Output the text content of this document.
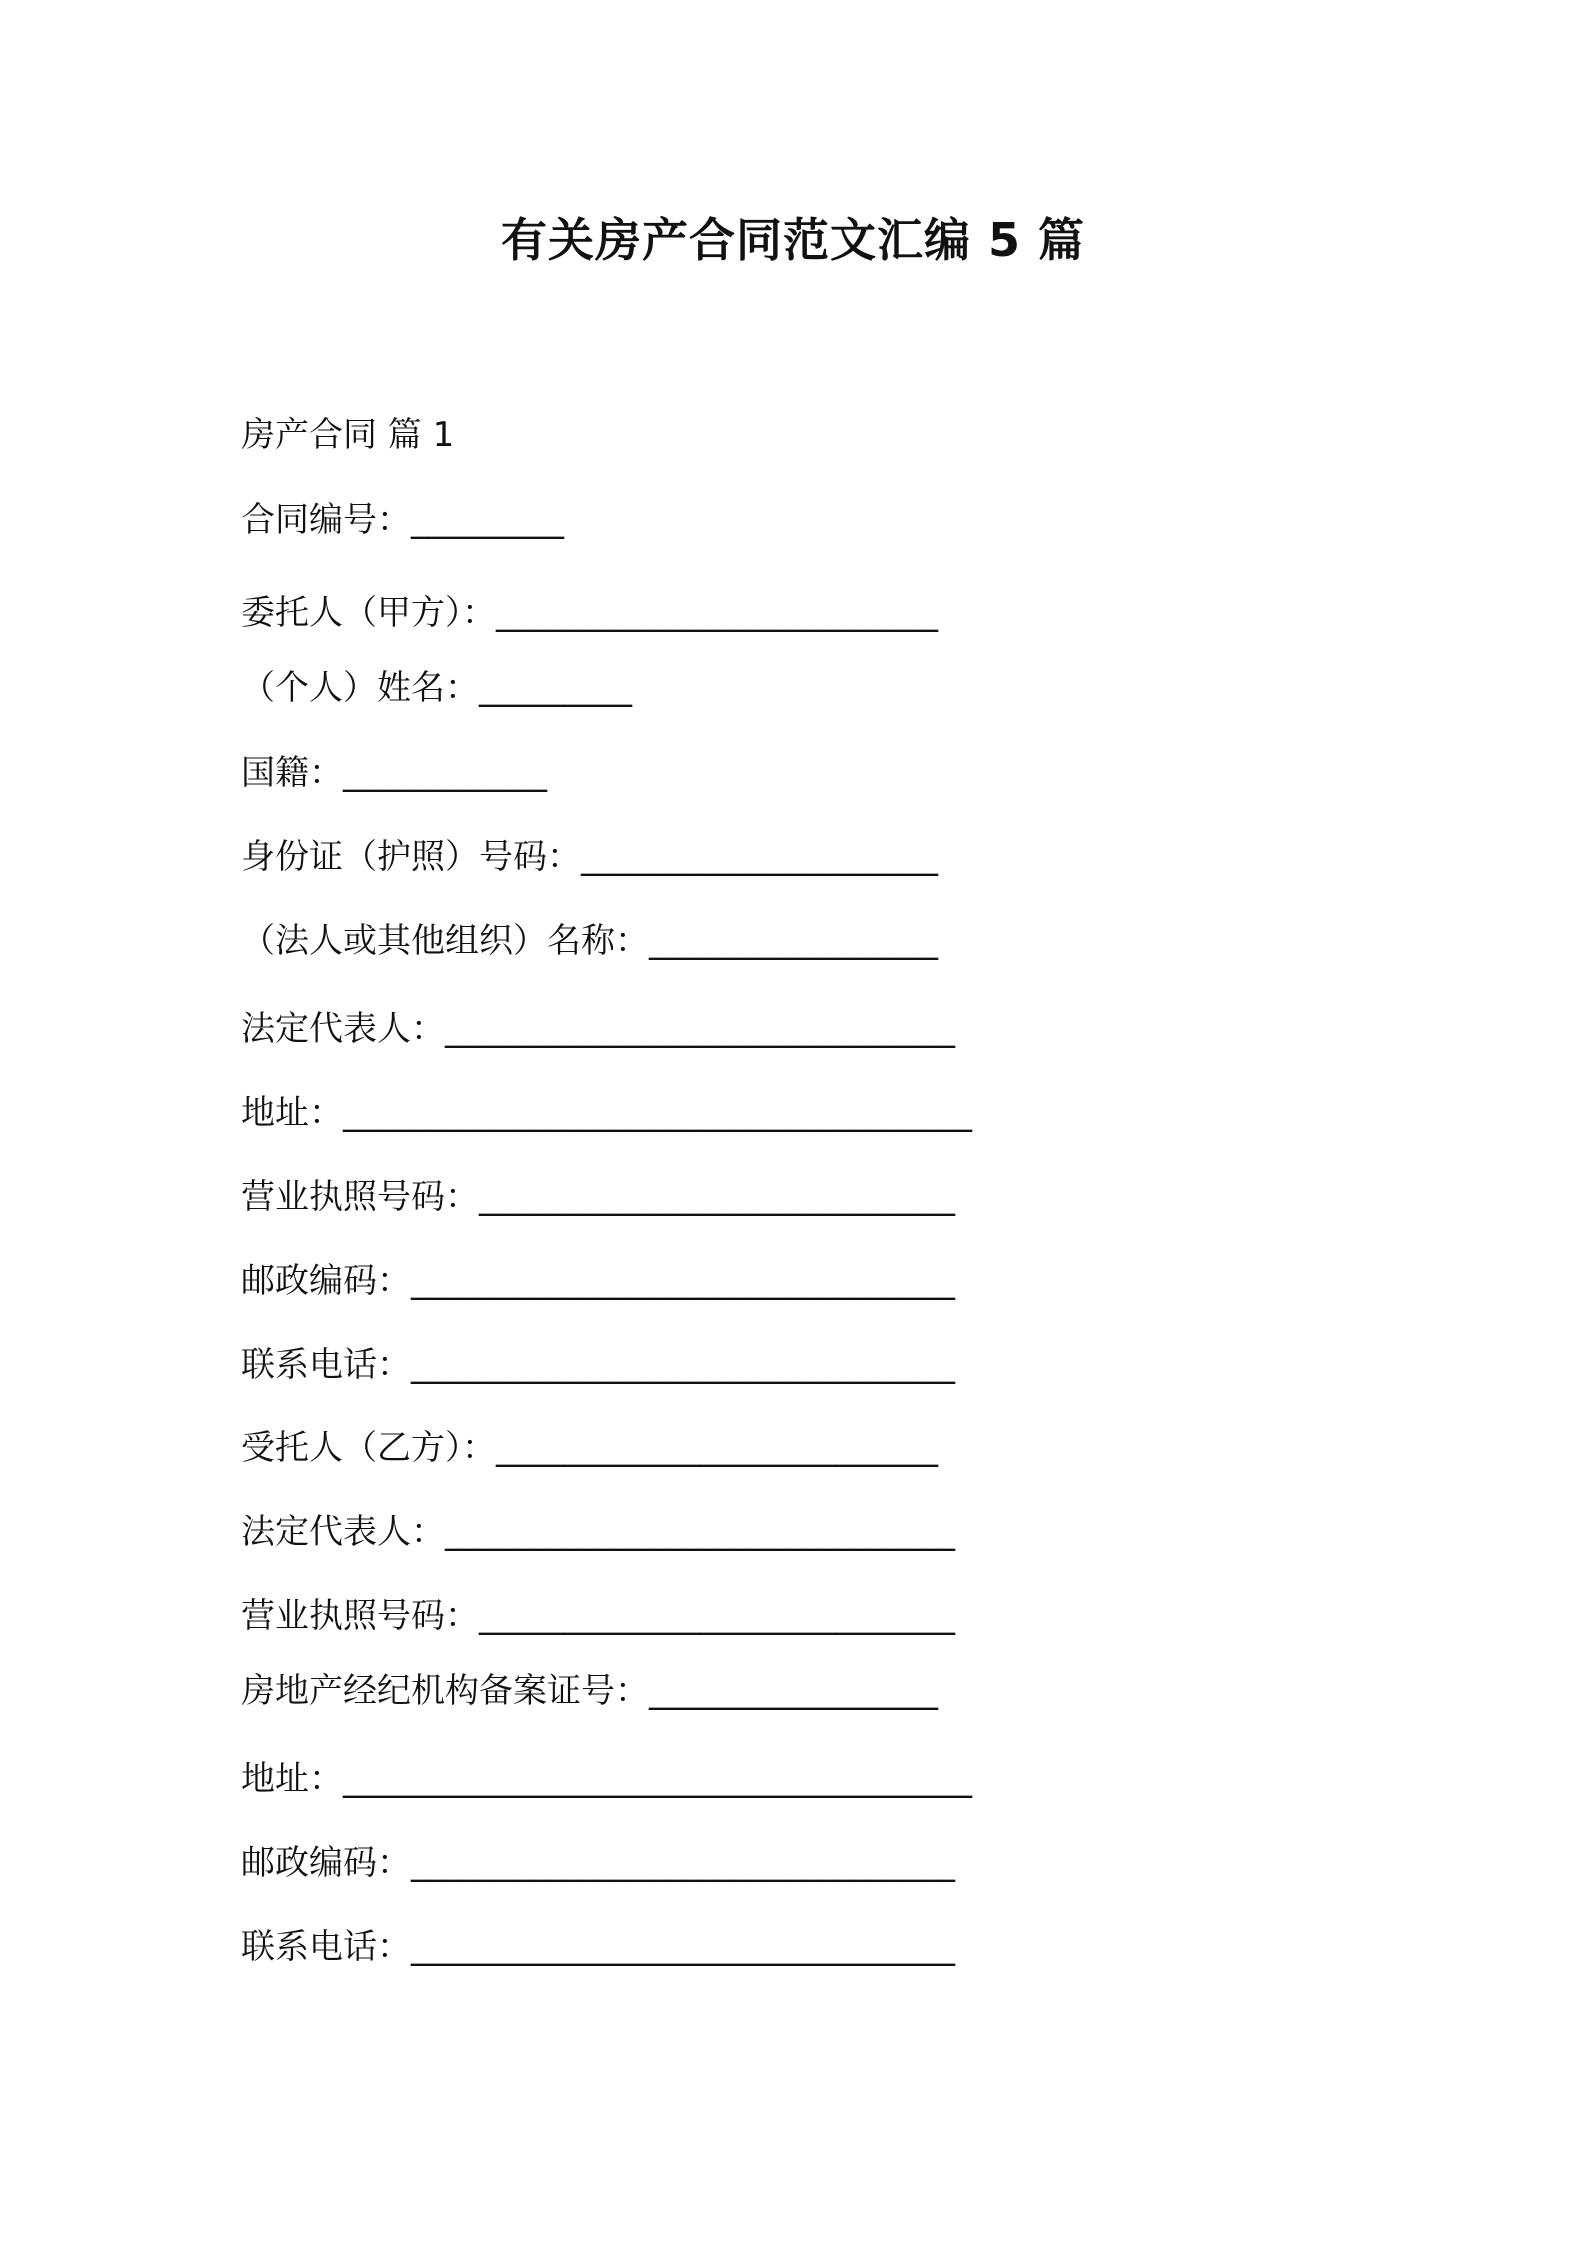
有关房产合同范文汇编 5 篇
房产合同 篇 1
合同编号：_________
委托人（甲方）：__________________________
（个人）姓名：_________
国籍：____________
身份证（护照）号码：_____________________
（法人或其他组织）名称：_________________
法定代表人：______________________________
地址：_____________________________________
营业执照号码：____________________________
邮政编码：________________________________
联系电话：________________________________
受托人（乙方）：__________________________
法定代表人：______________________________
营业执照号码：____________________________
房地产经纪机构备案证号：_________________
地址：_____________________________________
邮政编码：________________________________
联系电话：________________________________
